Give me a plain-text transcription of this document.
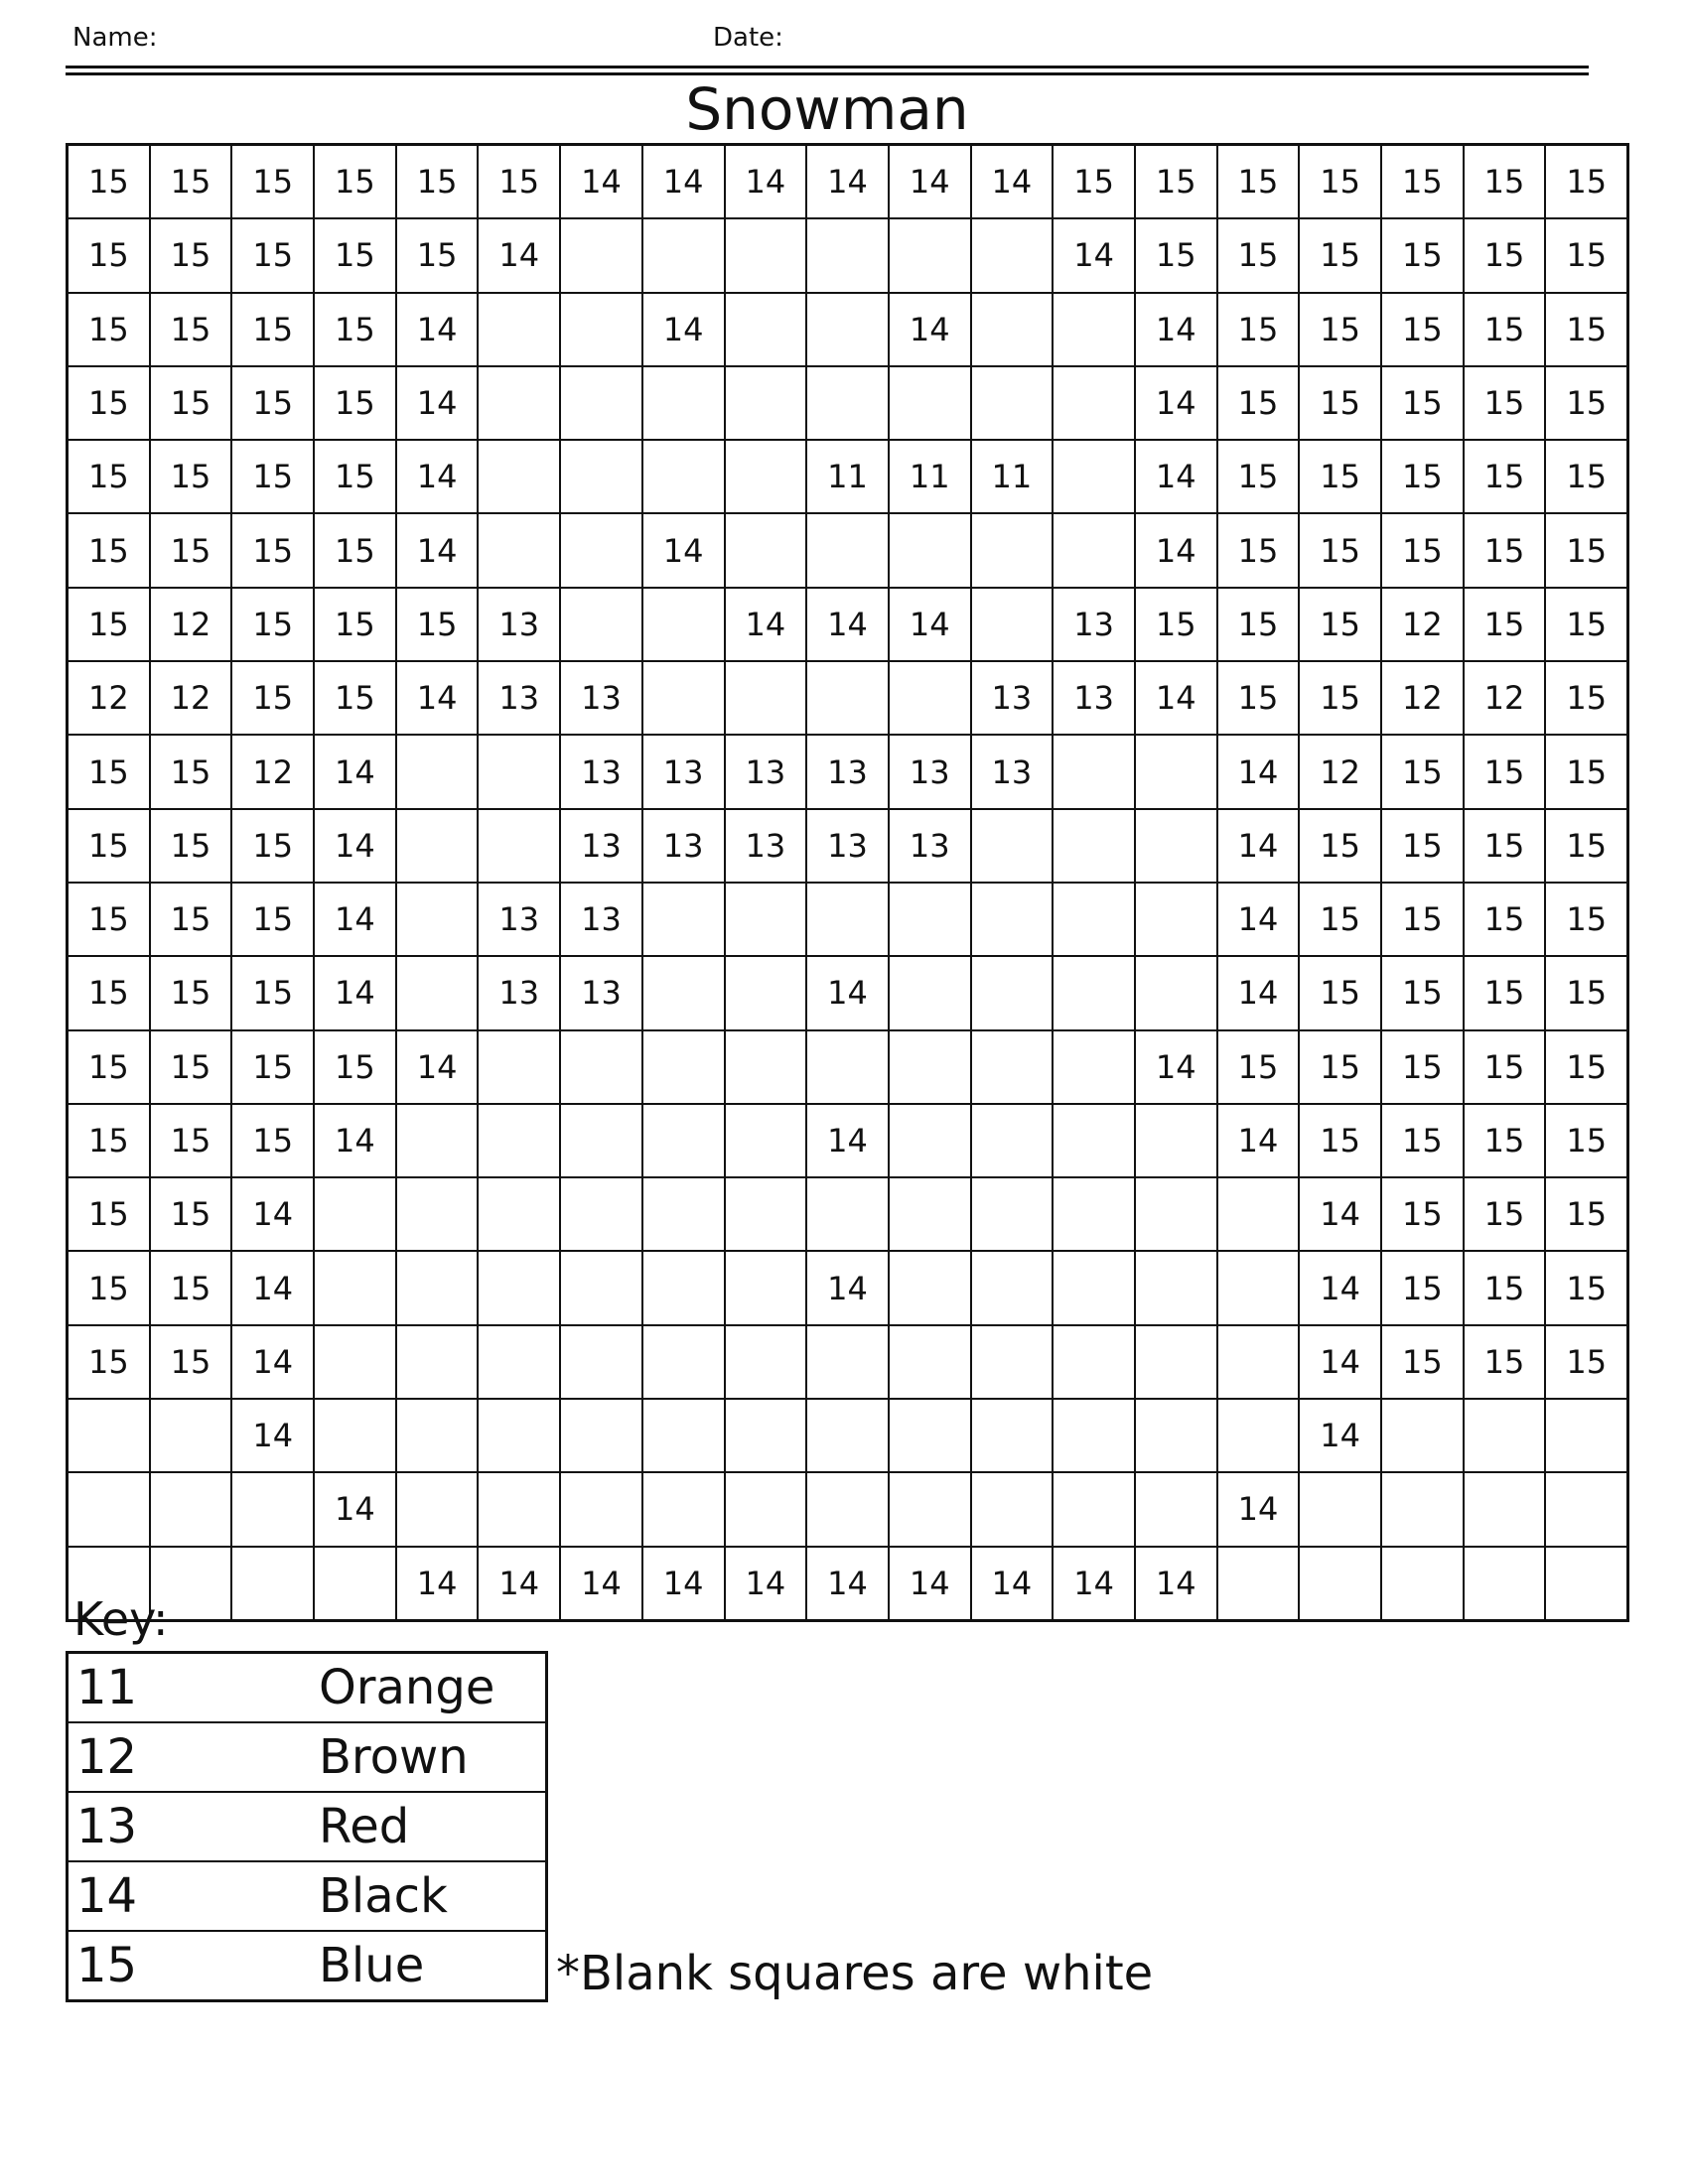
Name:	Date:
Snowman
15	15	15	15	15	15	14	14	14	14	14	14	15	15	15	15	15	15	15
15	15	15	15	15	14							14	15	15	15	15	15	15
15	15	15	15	14			14			14			14	15	15	15	15	15
15	15	15	15	14									14	15	15	15	15	15
15	15	15	15	14					11	11	11		14	15	15	15	15	15
15	15	15	15	14			14						14	15	15	15	15	15
15	12	15	15	15	13			14	14	14		13	15	15	15	12	15	15
12	12	15	15	14	13	13					13	13	14	15	15	12	12	15
15	15	12	14			13	13	13	13	13	13			14	12	15	15	15
15	15	15	14			13	13	13	13	13				14	15	15	15	15
15	15	15	14		13	13								14	15	15	15	15
15	15	15	14		13	13			14					14	15	15	15	15
15	15	15	15	14									14	15	15	15	15	15
15	15	15	14						14					14	15	15	15	15
15	15	14													14	15	15	15
15	15	14							14						14	15	15	15
15	15	14													14	15	15	15
		14													14			
			14											14				
				14	14	14	14	14	14	14	14	14	14					
Key:
11	Orange
12	Brown
13	Red
14	Black
15	Blue	*Blank squares are white
